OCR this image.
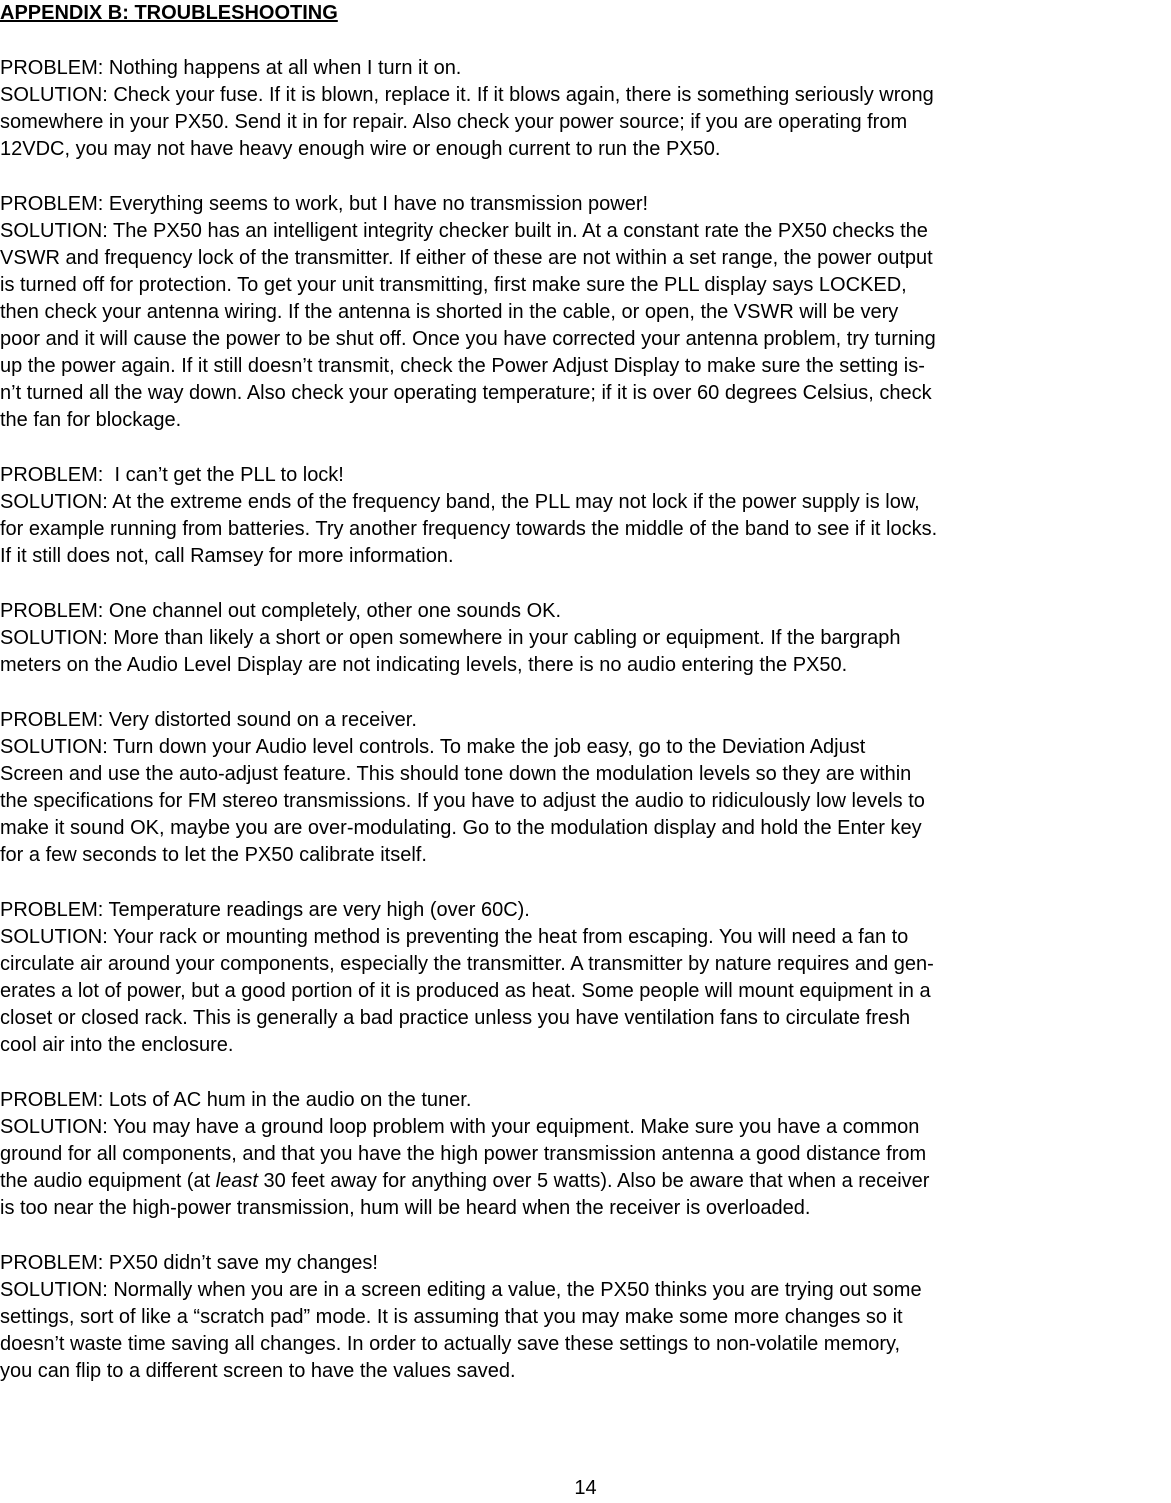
APPENDIX B: TROUBLESHOOTING
PROBLEM: Nothing happens at all when I turn it on.
SOLUTION: Check your fuse. If it is blown, replace it. If it blows again, there is something seriously wrong
somewhere in your PX50. Send it in for repair. Also check your power source; if you are operating from
12VDC, you may not have heavy enough wire or enough current to run the PX50.
PROBLEM: Everything seems to work, but I have no transmission power!
SOLUTION: The PX50 has an intelligent integrity checker built in. At a constant rate the PX50 checks the
VSWR and frequency lock of the transmitter. If either of these are not within a set range, the power output
is turned off for protection. To get your unit transmitting, first make sure the PLL display says LOCKED,
then check your antenna wiring. If the antenna is shorted in the cable, or open, the VSWR will be very
poor and it will cause the power to be shut off. Once you have corrected your antenna problem, try turning
up the power again. If it still doesn’t transmit, check the Power Adjust Display to make sure the setting is-
n’t turned all the way down. Also check your operating temperature; if it is over 60 degrees Celsius, check
the fan for blockage.
PROBLEM:  I can’t get the PLL to lock!
SOLUTION: At the extreme ends of the frequency band, the PLL may not lock if the power supply is low,
for example running from batteries. Try another frequency towards the middle of the band to see if it locks.
If it still does not, call Ramsey for more information.
PROBLEM: One channel out completely, other one sounds OK.
SOLUTION: More than likely a short or open somewhere in your cabling or equipment. If the bargraph
meters on the Audio Level Display are not indicating levels, there is no audio entering the PX50.
PROBLEM: Very distorted sound on a receiver.
SOLUTION: Turn down your Audio level controls. To make the job easy, go to the Deviation Adjust
Screen and use the auto-adjust feature. This should tone down the modulation levels so they are within
the specifications for FM stereo transmissions. If you have to adjust the audio to ridiculously low levels to
make it sound OK, maybe you are over-modulating. Go to the modulation display and hold the Enter key
for a few seconds to let the PX50 calibrate itself.
PROBLEM: Temperature readings are very high (over 60C).
SOLUTION: Your rack or mounting method is preventing the heat from escaping. You will need a fan to
circulate air around your components, especially the transmitter. A transmitter by nature requires and gen-
erates a lot of power, but a good portion of it is produced as heat. Some people will mount equipment in a
closet or closed rack. This is generally a bad practice unless you have ventilation fans to circulate fresh
cool air into the enclosure.
PROBLEM: Lots of AC hum in the audio on the tuner.
SOLUTION: You may have a ground loop problem with your equipment. Make sure you have a common
ground for all components, and that you have the high power transmission antenna a good distance from
the audio equipment (at least 30 feet away for anything over 5 watts). Also be aware that when a receiver
is too near the high-power transmission, hum will be heard when the receiver is overloaded.
PROBLEM: PX50 didn’t save my changes!
SOLUTION: Normally when you are in a screen editing a value, the PX50 thinks you are trying out some
settings, sort of like a “scratch pad” mode. It is assuming that you may make some more changes so it
doesn’t waste time saving all changes. In order to actually save these settings to non-volatile memory,
you can flip to a different screen to have the values saved.
14
